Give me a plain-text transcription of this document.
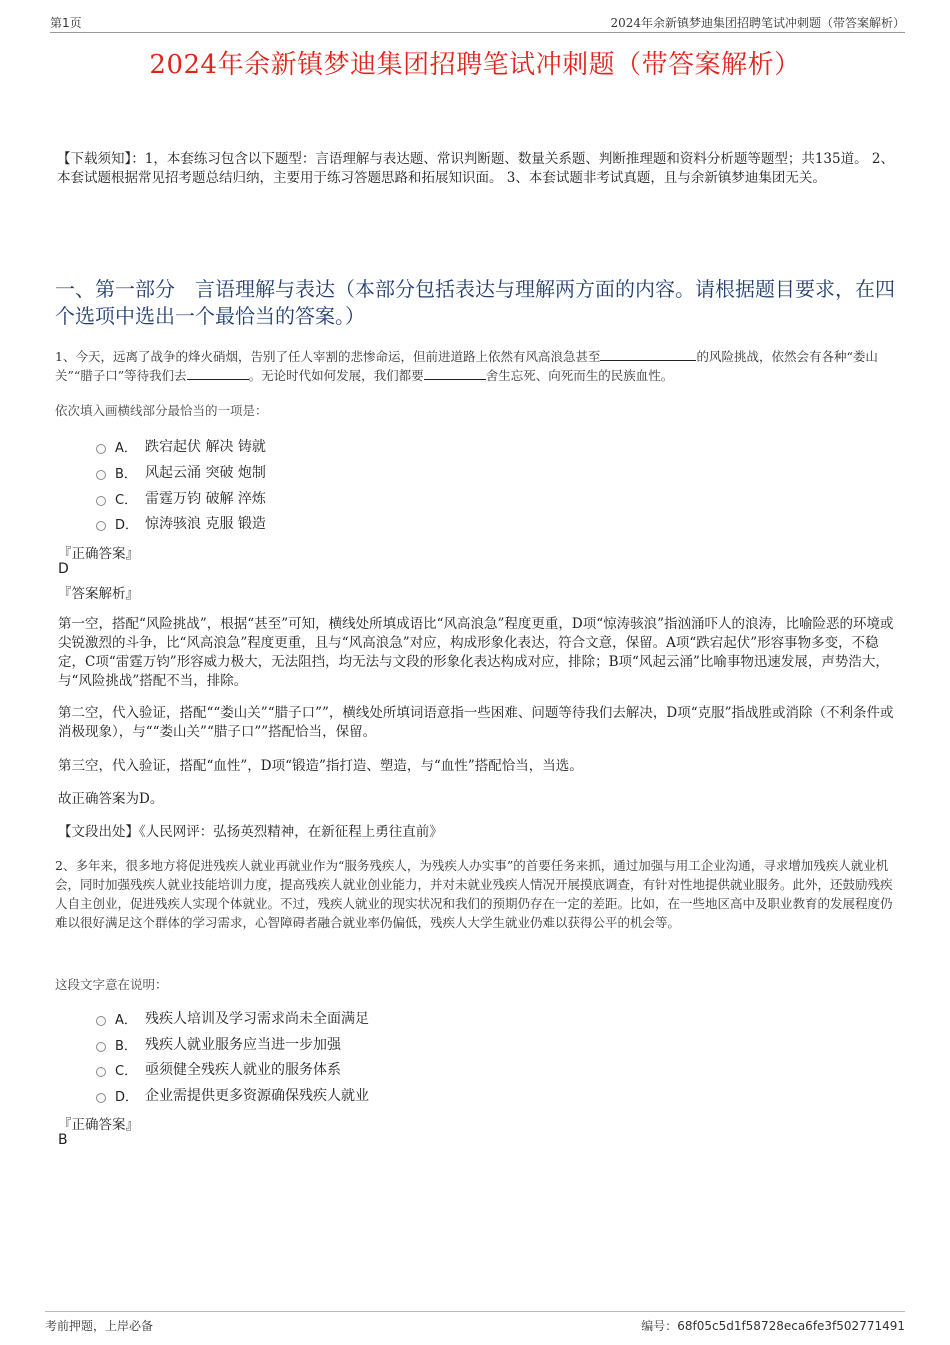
第1页	2024年余新镇梦迪集团招聘笔试冲刺题（带答案解析）
2024年余新镇梦迪集团招聘笔试冲刺题（带答案解析）
【下载须知】：1，本套练习包含以下题型：言语理解与表达题、常识判断题、数量关系题、判断推理题和资料分析题等题型；共135道。 2、本套试题根据常见招考题总结归纳，主要用于练习答题思路和拓展知识面。 3、本套试题非考试真题，且与余新镇梦迪集团无关。
一、第一部分　言语理解与表达（本部分包括表达与理解两方面的内容。请根据题目要求，在四个选项中选出一个最恰当的答案。）
1、今天，远离了战争的烽火硝烟，告别了任人宰割的悲惨命运，但前进道路上依然有风高浪急甚至	的风险挑战，依然会有各种“娄山关”“腊子口”等待我们去	。无论时代如何发展，我们都要	舍生忘死、向死而生的民族血性。
依次填入画横线部分最恰当的一项是：
A． 跌宕起伏 解决 铸就
B． 风起云涌 突破 炮制
C． 雷霆万钧 破解 淬炼
D． 惊涛骇浪 克服 锻造
『正确答案』
D
『答案解析』
第一空，搭配“风险挑战”，根据“甚至”可知，横线处所填成语比“风高浪急”程度更重，D项“惊涛骇浪”指汹涌吓人的浪涛，比喻险恶的环境或尖锐激烈的斗争，比“风高浪急”程度更重，且与“风高浪急”对应，构成形象化表达，符合文意，保留。A项“跌宕起伏”形容事物多变，不稳定，C项“雷霆万钧”形容威力极大，无法阻挡，均无法与文段的形象化表达构成对应，排除；B项“风起云涌”比喻事物迅速发展，声势浩大，与“风险挑战”搭配不当，排除。
第二空，代入验证，搭配““娄山关”“腊子口””，横线处所填词语意指一些困难、问题等待我们去解决，D项“克服”指战胜或消除（不利条件或消极现象），与““娄山关”“腊子口””搭配恰当，保留。
第三空，代入验证，搭配“血性”，D项“锻造”指打造、塑造，与“血性”搭配恰当，当选。
故正确答案为D。
【文段出处】《人民网评：弘扬英烈精神，在新征程上勇往直前》
2、多年来，很多地方将促进残疾人就业再就业作为“服务残疾人，为残疾人办实事”的首要任务来抓，通过加强与用工企业沟通，寻求增加残疾人就业机会，同时加强残疾人就业技能培训力度，提高残疾人就业创业能力，并对未就业残疾人情况开展摸底调查，有针对性地提供就业服务。此外，还鼓励残疾人自主创业，促进残疾人实现个体就业。不过，残疾人就业的现实状况和我们的预期仍存在一定的差距。比如，在一些地区高中及职业教育的发展程度仍难以很好满足这个群体的学习需求，心智障碍者融合就业率仍偏低，残疾人大学生就业仍难以获得公平的机会等。
这段文字意在说明：
A． 残疾人培训及学习需求尚未全面满足
B． 残疾人就业服务应当进一步加强
C． 亟须健全残疾人就业的服务体系
D． 企业需提供更多资源确保残疾人就业
『正确答案』
B
考前押题，上岸必备	编号：68f05c5d1f58728eca6fe3f502771491
